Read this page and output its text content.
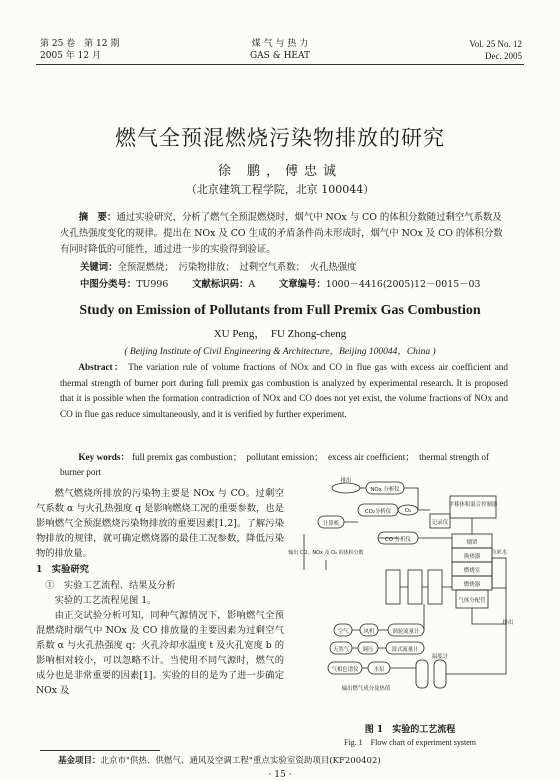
第 25 卷　第 12 期
2005 年 12 月
煤 气 与 热 力
GAS & HEAT
Vol. 25 No. 12
Dec. 2005
燃气全预混燃烧污染物排放的研究
徐 鹏，傅忠诚
（北京建筑工程学院，北京 100044）
摘　要：通过实验研究，分析了燃气全预混燃烧时，烟气中 NOx 与 CO 的体积分数随过剩空气系数及火孔热强度变化的规律。提出在 NOx 及 CO 生成的矛盾条件尚未形成时，烟气中 NOx 及 CO 的体积分数有同时降低的可能性，通过进一步的实验得到验证。
关键词：全预混燃烧；　污染物排放；　过剩空气系数；　火孔热强度
中图分类号：TU996　　	文献标识码：A　　	文章编号：1000－4416(2005)12－0015－03
Study on Emission of Pollutants from Full Premix Gas Combustion
XU Peng，　FU Zhong-cheng
( Beijing Institute of Civil Engineering & Architecture，Beijing 100044，China )
Abstract： The variation rule of volume fractions of NOx and CO in flue gas with excess air coefficient and thermal strength of burner port during full premix gas combustion is analyzed by experimental research. It is proposed that it is possible when the formation contradiction of NOx and CO does not yet exist, the volume fractions of NOx and CO in flue gas reduce simultaneously, and it is verified by further experiment.
Key words： full premix gas combustion；　pollutant emission；　excess air coefficient；　thermal strength of burner port

燃气燃烧所排放的污染物主要是 NOx 与 CO。过剩空气系数 α 与火孔热强度 q 是影响燃烧工况的重要参数，也是影响燃气全预混燃烧污染物排放的重要因素[1,2]。了解污染物排放的规律，就可确定燃烧器的最佳工况参数，降低污染物的排放量。

1　实验研究

①　实验工艺流程、结果及分析

实验的工艺流程见图 1。

由正交试验分析可知，同种气源情况下，影响燃气全预混燃烧时烟气中 NOx 及 CO 排放量的主要因素为过剩空气系数 α 与火孔热强度 q；火孔冷却水温度 t 及火孔宽度 b 的影响相对较小，可以忽略不计。当使用不同气源时，燃气的成分也是非常重要的因素[1]。实验的目的是为了进一步确定 NOx 及

排出
NOx 分析仪
CO₂分析仪
计算机
O₂
平移体积混合控制器
记录仪
CO 分析仪	烟罩
换热器
燃烧室
燃烧器
气体分配管
自来水
输出 CO、NOx 及 O₂ 的体积分数
空气	风机	涡轮流量计
天然气	调压	湿式流量计
气相色谱仪	水泵
温度计
排出
输出燃气成分及热值
图 1　实验的工艺流程
Fig. 1　Flow chart of experiment system
基金项目：北京市"供热、供燃气、通风及空调工程"重点实验室资助项目(KF200402)
· 15 ·
